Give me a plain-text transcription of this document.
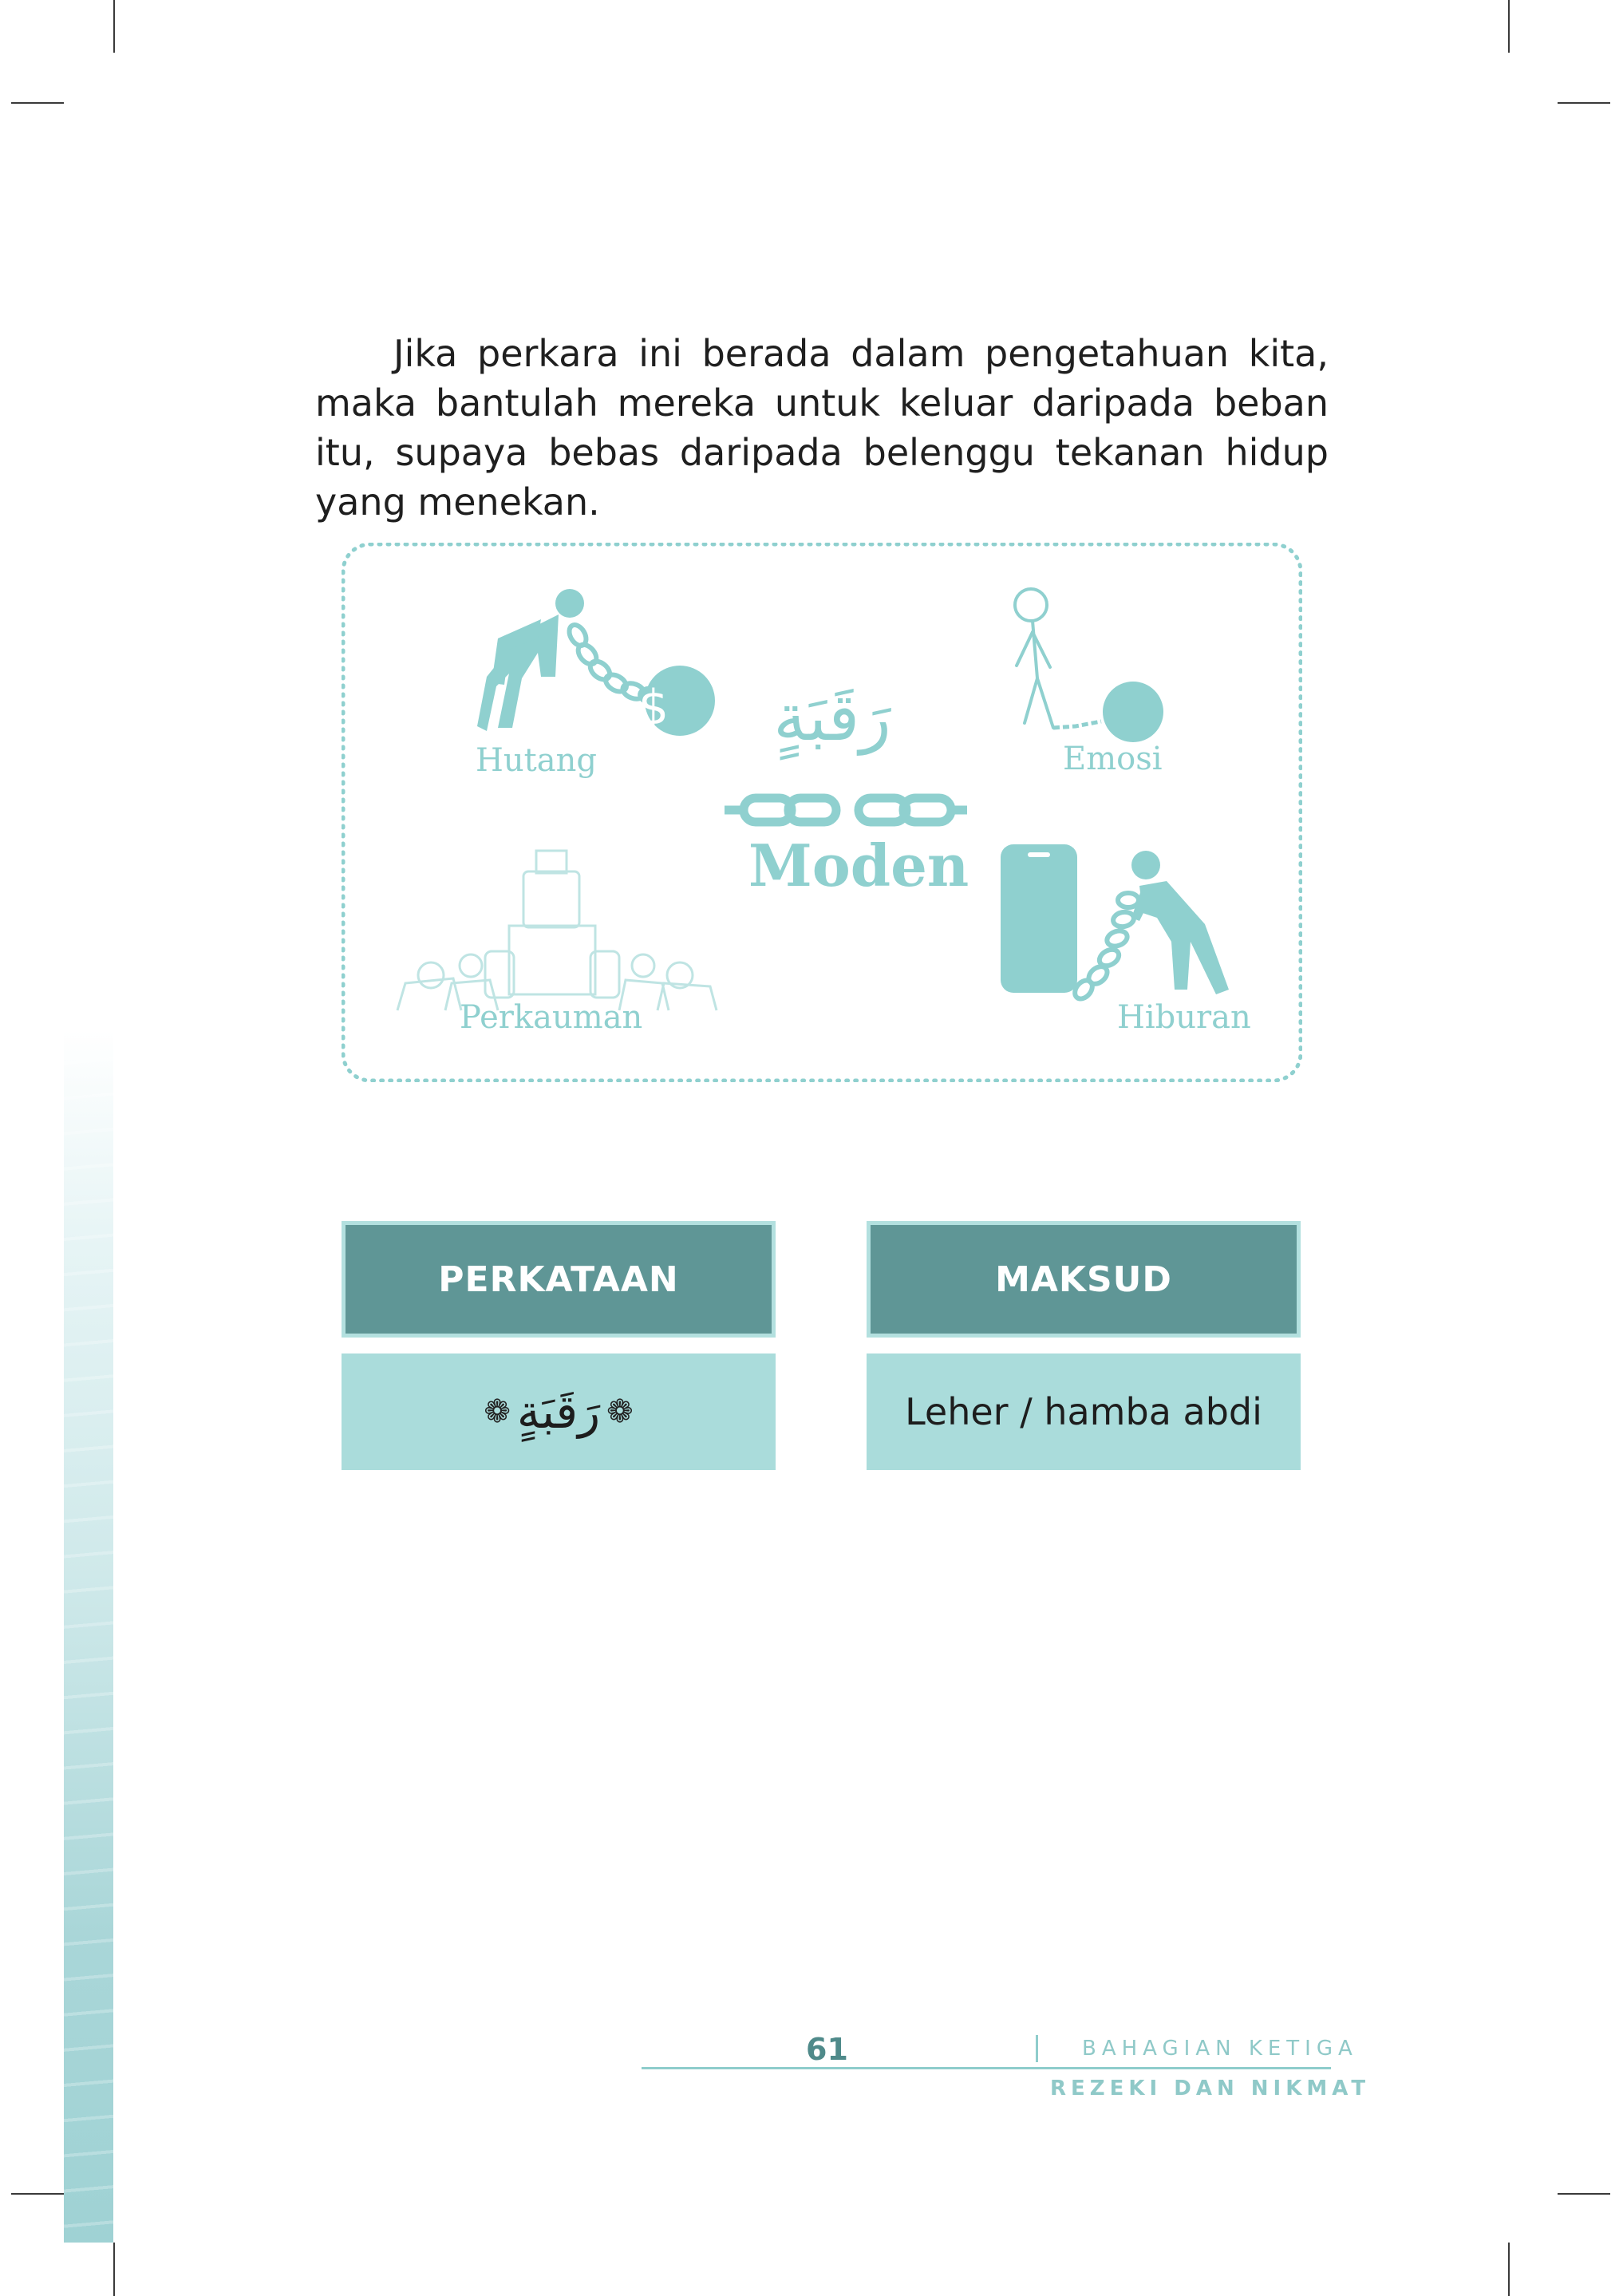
Jika perkara ini berada dalam pengetahuan kita, maka bantulah mereka untuk keluar daripada beban itu, supaya bebas daripada belenggu tekanan hidup yang menekan.

Hutang
$ رَقَبَةٍ
Moden
Emosi
Perkauman	Hiburan
PERKATAAN	MAKSUD
❁ رَقَبَةٍ ❁	Leher / hamba abdi
61	BAHAGIAN KETIGA
REZEKI DAN NIKMAT
